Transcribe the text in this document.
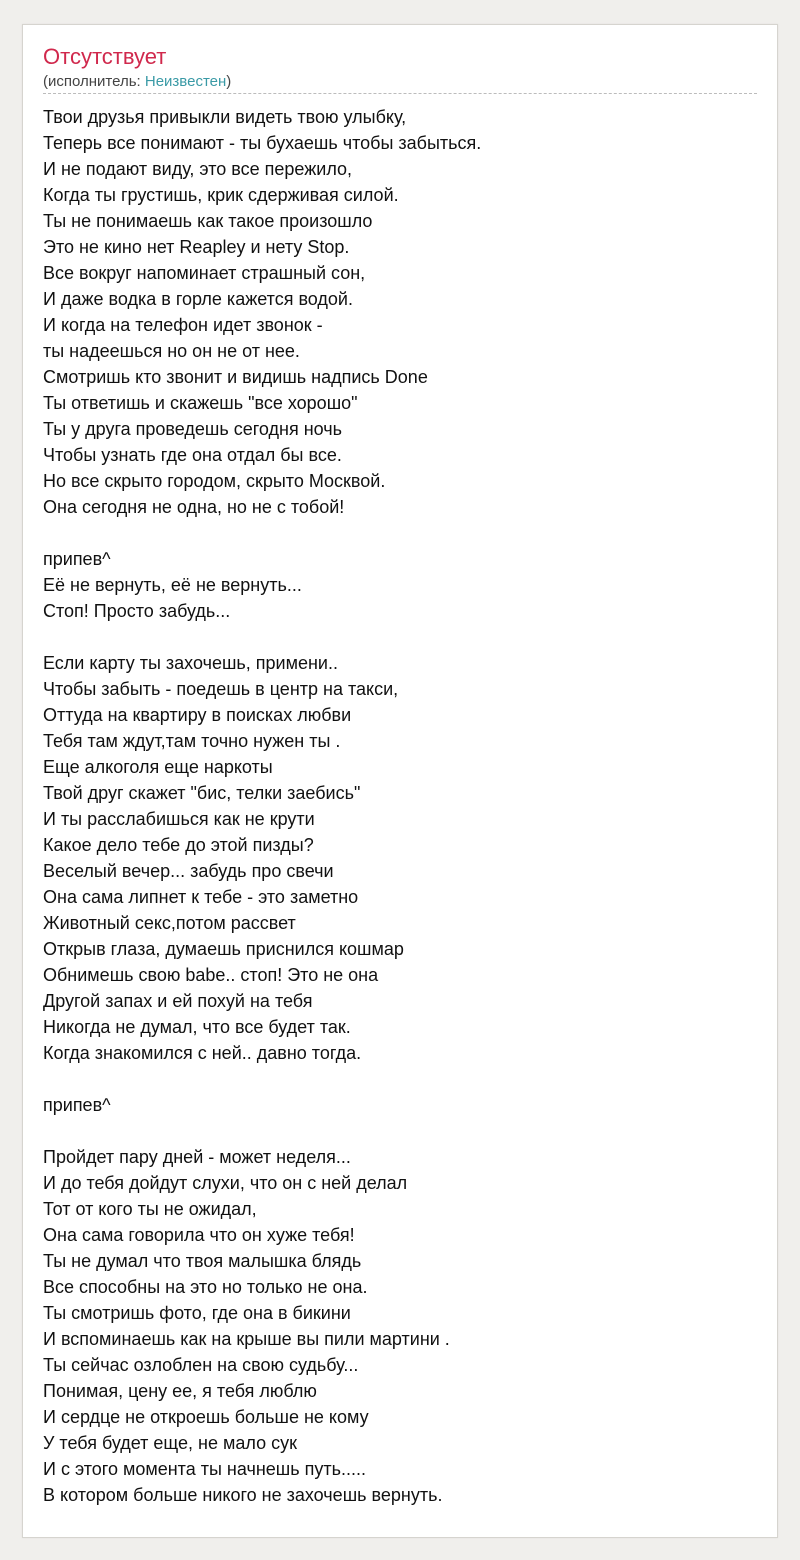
Отсутствует
(исполнитель: Неизвестен)
Твои друзья привыкли видеть твою улыбку,
Теперь все понимают - ты бухаешь чтобы забыться.
И не подают виду, это все пережило,
Когда ты грустишь, крик сдерживая силой.
Ты не понимаешь как такое произошло
Это не кино нет Reapley и нету Stop.
Все вокруг напоминает страшный сон,
И даже водка в горле кажется водой.
И когда на телефон идет звонок -
ты надеешься но он не от нее.
Смотришь кто звонит и видишь надпись Done
Ты ответишь и скажешь "все хорошо"
Ты у друга проведешь сегодня ночь
Чтобы узнать где она отдал бы все.
Но все скрыто городом, скрыто Москвой.
Она сегодня не одна, но не с тобой!
припев^
Её не вернуть, её не вернуть...
Стоп! Просто забудь...
Если карту ты захочешь, примени..
Чтобы забыть - поедешь в центр на такси,
Оттуда на квартиру в поисках любви
Тебя там ждут,там точно нужен ты .
Еще алкоголя еще наркоты
Твой друг скажет "бис, телки заебись"
И ты расслабишься как не крути
Какое дело тебе до этой пизды?
Веселый вечер... забудь про свечи
Она сама липнет к тебе - это заметно
Животный секс,потом рассвет
Открыв глаза, думаешь приснился кошмар
Обнимешь свою babe.. стоп! Это не она
Другой запах и ей похуй на тебя
Никогда не думал, что все будет так.
Когда знакомился с ней.. давно тогда.
припев^
Пройдет пару дней - может неделя...
И до тебя дойдут слухи, что он с ней делал
Тот от кого ты не ожидал,
Она сама говорила что он хуже тебя!
Ты не думал что твоя малышка блядь
Все способны на это но только не она.
Ты смотришь фото, где она в бикини
И вспоминаешь как на крыше вы пили мартини .
Ты сейчас озлоблен на свою судьбу...
Понимая, цену ее, я тебя люблю
И сердце не откроешь больше не кому
У тебя будет еще, не мало сук
И с этого момента ты начнешь путь.....
В котором больше никого не захочешь вернуть.
